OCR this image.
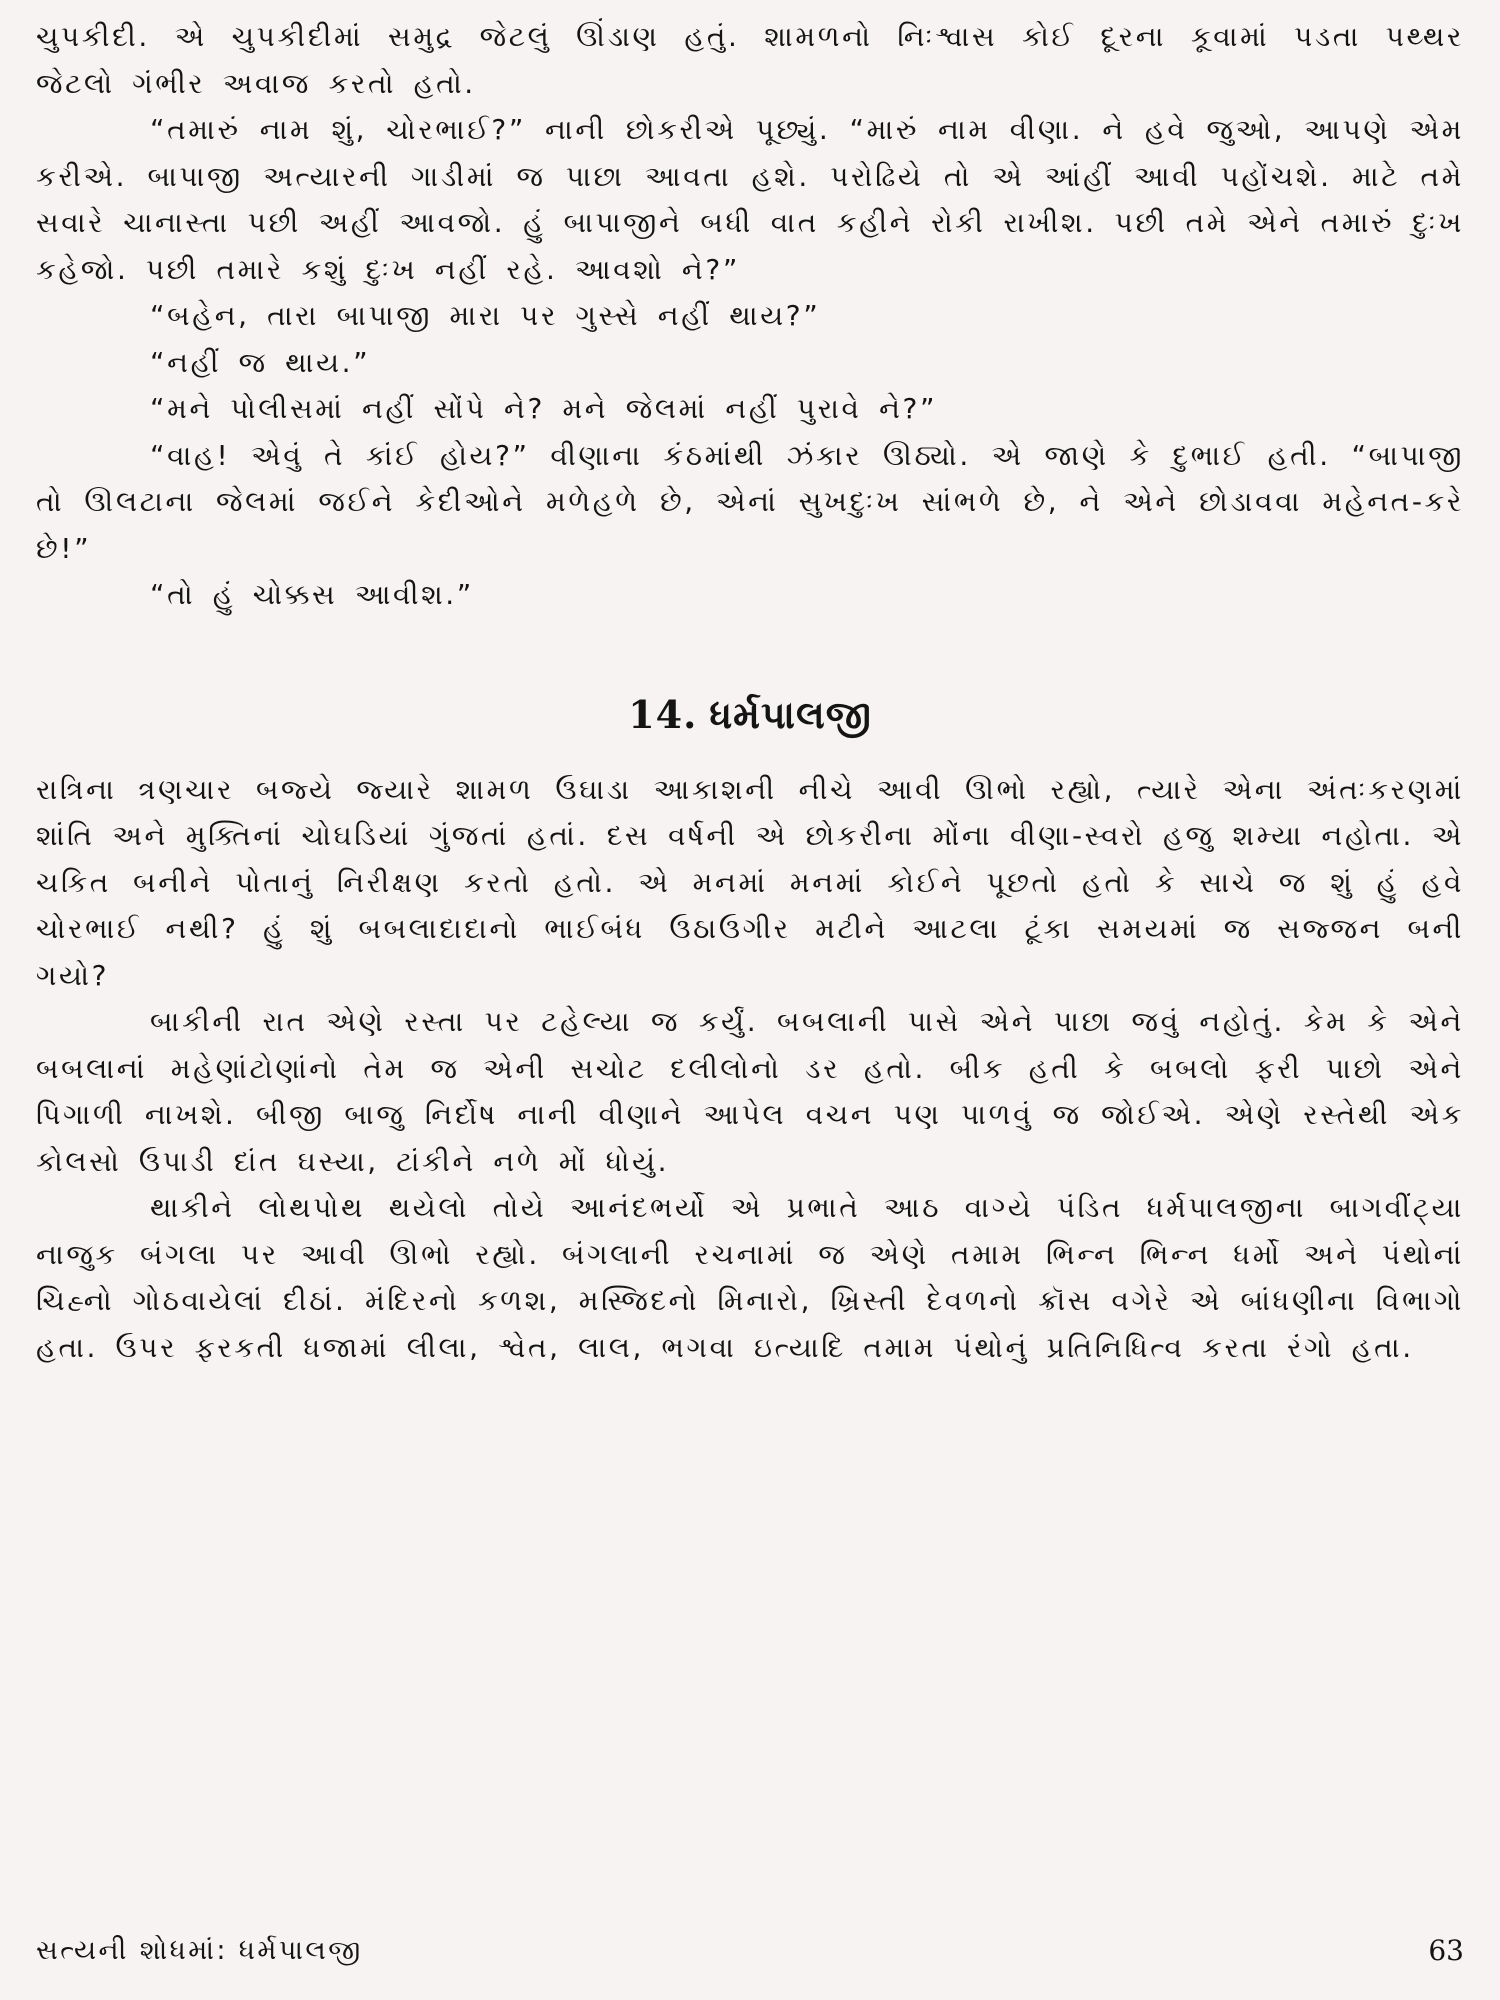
ચુપકીદી. એ ચુપકીદીમાં સમુદ્ર જેટલું ઊંડાણ હતું. શામળનો નિઃશ્વાસ કોઈ દૂરના કૂવામાં પડતા પથ્થર જેટલો ગંભીર અવાજ કરતો હતો.

“તમારું નામ શું, ચોરભાઈ?” નાની છોકરીએ પૂછ્યું. “મારું નામ વીણા. ને હવે જુઓ, આપણે એમ કરીએ. બાપાજી અત્યારની ગાડીમાં જ પાછા આવતા હશે. પરોઢિયે તો એ આંહીં આવી પહોંચશે. માટે તમે સવારે ચાનાસ્તા પછી અહીં આવજો. હું બાપાજીને બધી વાત કહીને રોકી રાખીશ. પછી તમે એને તમારું દુઃખ કહેજો. પછી તમારે કશું દુઃખ નહીં રહે. આવશો ને?”

“બહેન, તારા બાપાજી મારા પર ગુસ્સે નહીં થાય?”

“નહીં જ થાય.”

“મને પોલીસમાં નહીં સોંપે ને? મને જેલમાં નહીં પુરાવે ને?”

“વાહ! એવું તે કાંઈ હોય?” વીણાના કંઠમાંથી ઝંકાર ઊઠ્યો. એ જાણે કે દુભાઈ હતી. “બાપાજી તો ઊલટાના જેલમાં જઈને કેદીઓને મળેહળે છે, એનાં સુખદુઃખ સાંભળે છે, ને એને છોડાવવા મહેનત-કરે છે!”

“તો હું ચોક્કસ આવીશ.”

14. ધર્મપાલજી

રાત્રિના ત્રણચાર બજ્યે જ્યારે શામળ ઉઘાડા આકાશની નીચે આવી ઊભો રહ્યો, ત્યારે એના અંતઃકરણમાં શાંતિ અને મુક્તિનાં ચોઘડિયાં ગુંજતાં હતાં. દસ વર્ષની એ છોકરીના મોંના વીણા-સ્વરો હજુ શમ્યા નહોતા. એ ચકિત બનીને પોતાનું નિરીક્ષણ કરતો હતો. એ મનમાં મનમાં કોઈને પૂછતો હતો કે સાચે જ શું હું હવે ચોરભાઈ નથી? હું શું બબલાદાદાનો ભાઈબંધ ઉઠાઉગીર મટીને આટલા ટૂંકા સમયમાં જ સજ્જન બની ગયો?

બાકીની રાત એણે રસ્તા પર ટહેલ્યા જ કર્યું. બબલાની પાસે એને પાછા જવું નહોતું. કેમ કે એને બબલાનાં મહેણાંટોણાંનો તેમ જ એની સચોટ દલીલોનો ડર હતો. બીક હતી કે બબલો ફરી પાછો એને પિગાળી નાખશે. બીજી બાજુ નિર્દોષ નાની વીણાને આપેલ વચન પણ પાળવું જ જોઈએ. એણે રસ્તેથી એક કોલસો ઉપાડી દાંત ઘસ્યા, ટાંકીને નળે મોં ધોયું.

થાકીને લોથપોથ થયેલો તોયે આનંદભર્યો એ પ્રભાતે આઠ વાગ્યે પંડિત ધર્મપાલજીના બાગવીંટ્યા નાજુક બંગલા પર આવી ઊભો રહ્યો. બંગલાની રચનામાં જ એણે તમામ ભિન્ન ભિન્ન ધર્મો અને પંથોનાં ચિહ્નો ગોઠવાયેલાં દીઠાં. મંદિરનો કળશ, મસ્જિદનો મિનારો, ખ્રિસ્તી દેવળનો ક્રૉસ વગેરે એ બાંધણીના વિભાગો હતા. ઉપર ફરકતી ધજામાં લીલા, શ્વેત, લાલ, ભગવા ઇત્યાદિ તમામ પંથોનું પ્રતિનિધિત્વ કરતા રંગો હતા.

સત્યની શોધમાં: ધર્મપાલજી	63
